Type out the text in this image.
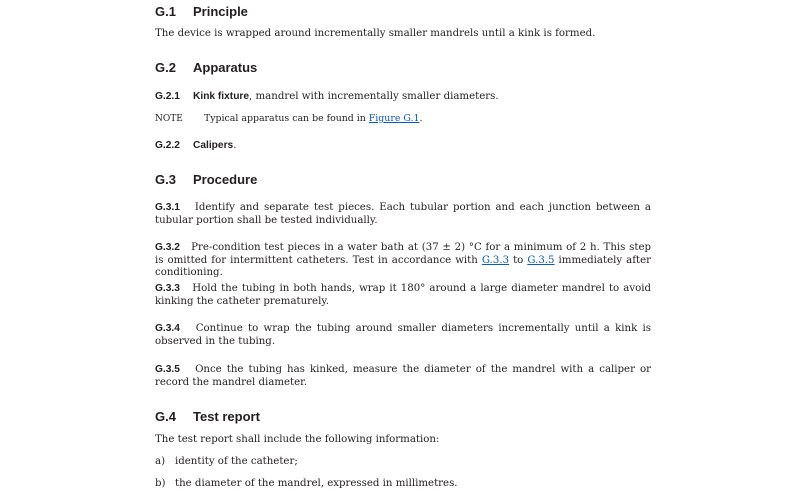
G.1 Principle

The device is wrapped around incrementally smaller mandrels until a kink is formed.

G.2 Apparatus

G.2.1 Kink fixture, mandrel with incrementally smaller diameters.

NOTE Typical apparatus can be found in Figure G.1.

G.2.2 Calipers.

G.3 Procedure

G.3.1 Identify and separate test pieces. Each tubular portion and each junction between a tubular portion shall be tested individually.

G.3.2 Pre-condition test pieces in a water bath at (37 ± 2) °C for a minimum of 2 h. This step is omitted for intermittent catheters. Test in accordance with G.3.3 to G.3.5 immediately after conditioning.

G.3.3 Hold the tubing in both hands, wrap it 180° around a large diameter mandrel to avoid kinking the catheter prematurely.

G.3.4 Continue to wrap the tubing around smaller diameters incrementally until a kink is observed in the tubing.

G.3.5 Once the tubing has kinked, measure the diameter of the mandrel with a caliper or record the mandrel diameter.

G.4 Test report

The test report shall include the following information:

a) identity of the catheter;

b) the diameter of the mandrel, expressed in millimetres.
